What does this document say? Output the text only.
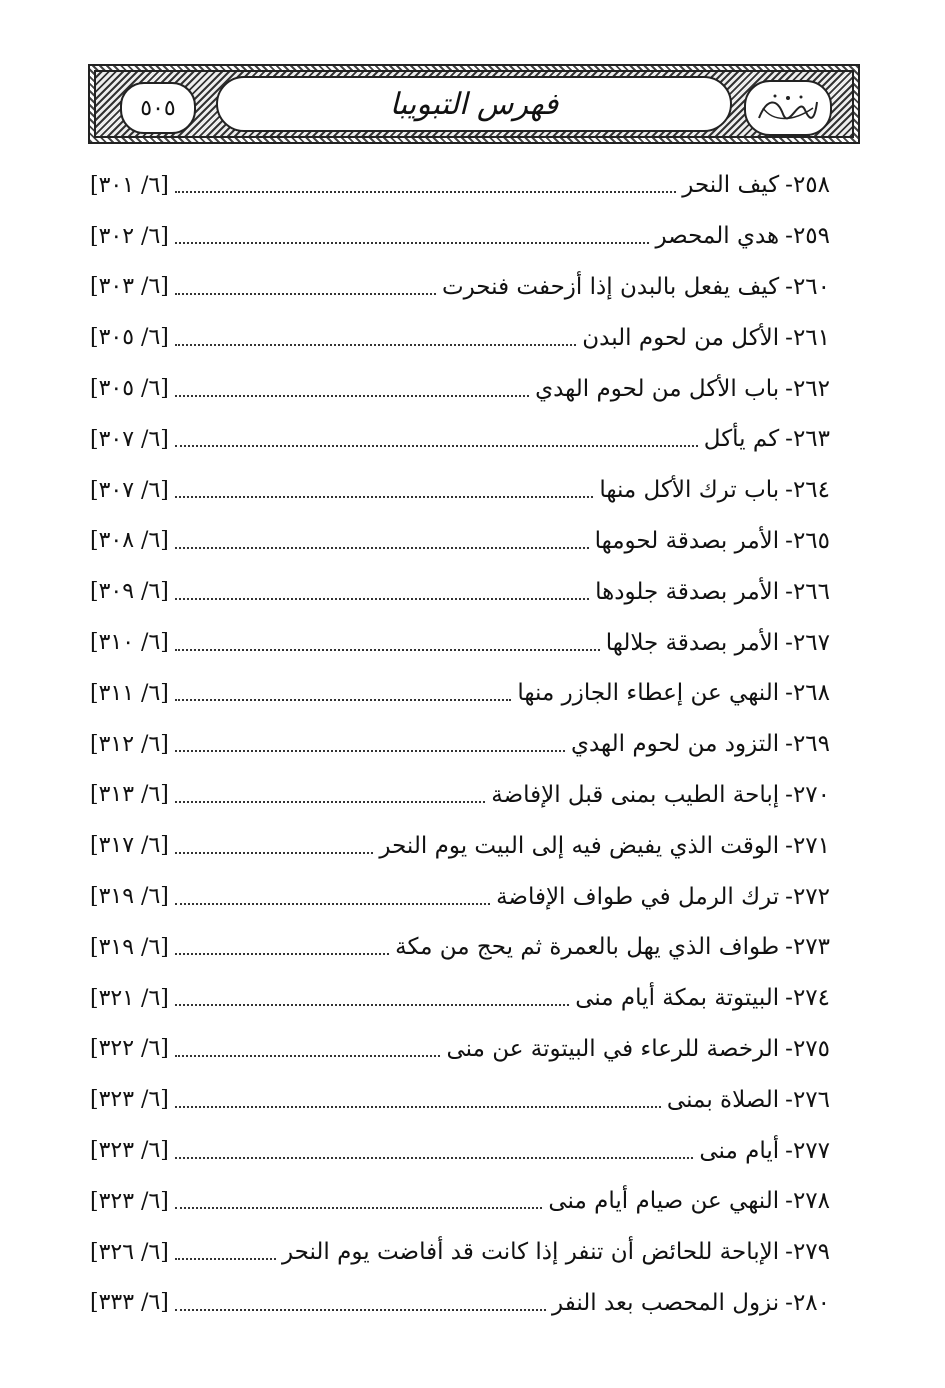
فهرس التبويبا
٥٠٥
٢٥٨-
كيف النحر
[٦/ ٣٠١]
٢٥٩-
هدي المحصر
[٦/ ٣٠٢]
٢٦٠-
كيف يفعل بالبدن إذا أزحفت فنحرت
[٦/ ٣٠٣]
٢٦١-
الأكل من لحوم البدن
[٦/ ٣٠٥]
٢٦٢-
باب الأكل من لحوم الهدي
[٦/ ٣٠٥]
٢٦٣-
كم يأكل
[٦/ ٣٠٧]
٢٦٤-
باب ترك الأكل منها
[٦/ ٣٠٧]
٢٦٥-
الأمر بصدقة لحومها
[٦/ ٣٠٨]
٢٦٦-
الأمر بصدقة جلودها
[٦/ ٣٠٩]
٢٦٧-
الأمر بصدقة جلالها
[٦/ ٣١٠]
٢٦٨-
النهي عن إعطاء الجازر منها
[٦/ ٣١١]
٢٦٩-
التزود من لحوم الهدي
[٦/ ٣١٢]
٢٧٠-
إباحة الطيب بمنى قبل الإفاضة
[٦/ ٣١٣]
٢٧١-
الوقت الذي يفيض فيه إلى البيت يوم النحر
[٦/ ٣١٧]
٢٧٢-
ترك الرمل في طواف الإفاضة
[٦/ ٣١٩]
٢٧٣-
طواف الذي يهل بالعمرة ثم يحج من مكة
[٦/ ٣١٩]
٢٧٤-
البيتوتة بمكة أيام منى
[٦/ ٣٢١]
٢٧٥-
الرخصة للرعاء في البيتوتة عن منى
[٦/ ٣٢٢]
٢٧٦-
الصلاة بمنى
[٦/ ٣٢٣]
٢٧٧-
أيام منى
[٦/ ٣٢٣]
٢٧٨-
النهي عن صيام أيام منى
[٦/ ٣٢٣]
٢٧٩-
الإباحة للحائض أن تنفر إذا كانت قد أفاضت يوم النحر
[٦/ ٣٢٦]
٢٨٠-
نزول المحصب بعد النفر
[٦/ ٣٣٣]
